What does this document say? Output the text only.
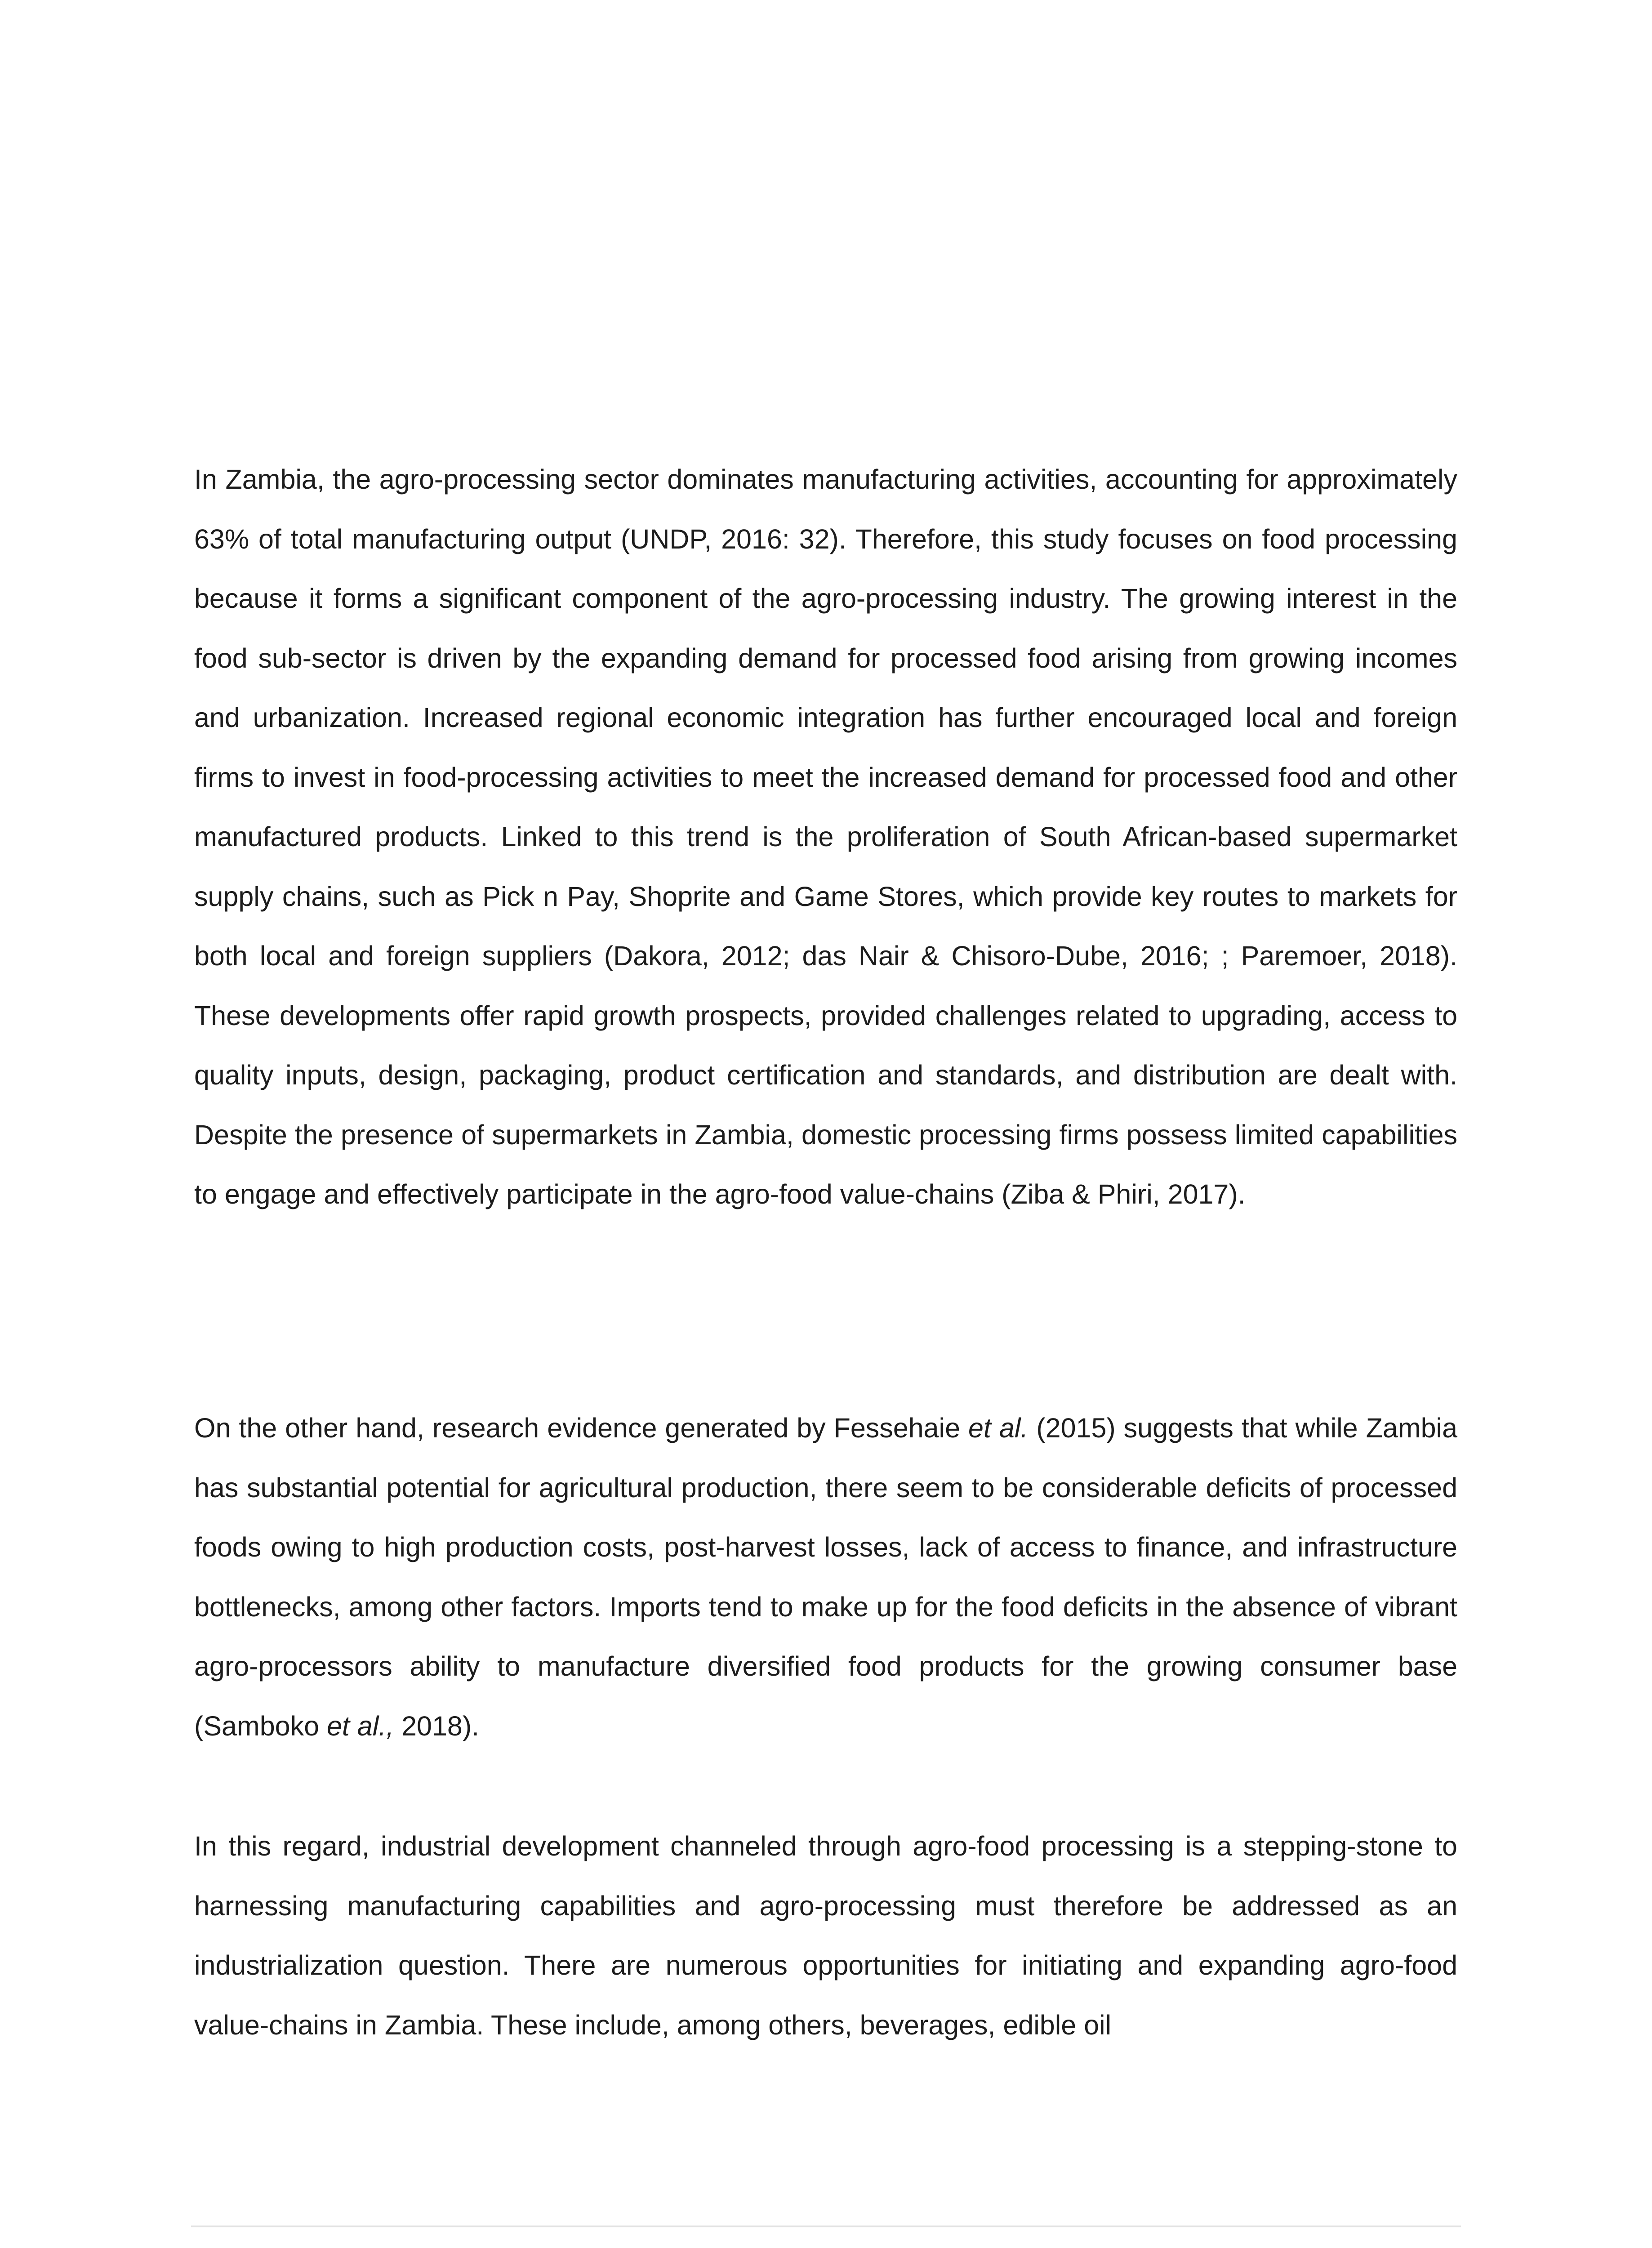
In Zambia, the agro-processing sector dominates manufacturing activities, accounting for approximately 63% of total manufacturing output (UNDP, 2016: 32). Therefore, this study focuses on food processing because it forms a significant component of the agro-processing industry. The growing interest in the food sub-sector is driven by the expanding demand for processed food arising from growing incomes and urbanization. Increased regional economic integration has further encouraged local and foreign firms to invest in food-processing activities to meet the increased demand for processed food and other manufactured products. Linked to this trend is the proliferation of South African-based supermarket supply chains, such as Pick n Pay, Shoprite and Game Stores, which provide key routes to markets for both local and foreign suppliers (Dakora, 2012; das Nair & Chisoro-Dube, 2016; ; Paremoer, 2018). These developments offer rapid growth prospects, provided challenges related to upgrading, access to quality inputs, design, packaging, product certification and standards, and distribution are dealt with. Despite the presence of supermarkets in Zambia, domestic processing firms possess limited capabilities to engage and effectively participate in the agro-food value-chains (Ziba & Phiri, 2017).

On the other hand, research evidence generated by Fessehaie et al. (2015) suggests that while Zambia has substantial potential for agricultural production, there seem to be considerable deficits of processed foods owing to high production costs, post-harvest losses, lack of access to finance, and infrastructure bottlenecks, among other factors. Imports tend to make up for the food deficits in the absence of vibrant agro-processors ability to manufacture diversified food products for the growing consumer base (Samboko et al., 2018).

In this regard, industrial development channeled through agro-food processing is a stepping-stone to harnessing manufacturing capabilities and agro-processing must therefore be addressed as an industrialization question. There are numerous opportunities for initiating and expanding agro-food value-chains in Zambia. These include, among others, beverages, edible oil
